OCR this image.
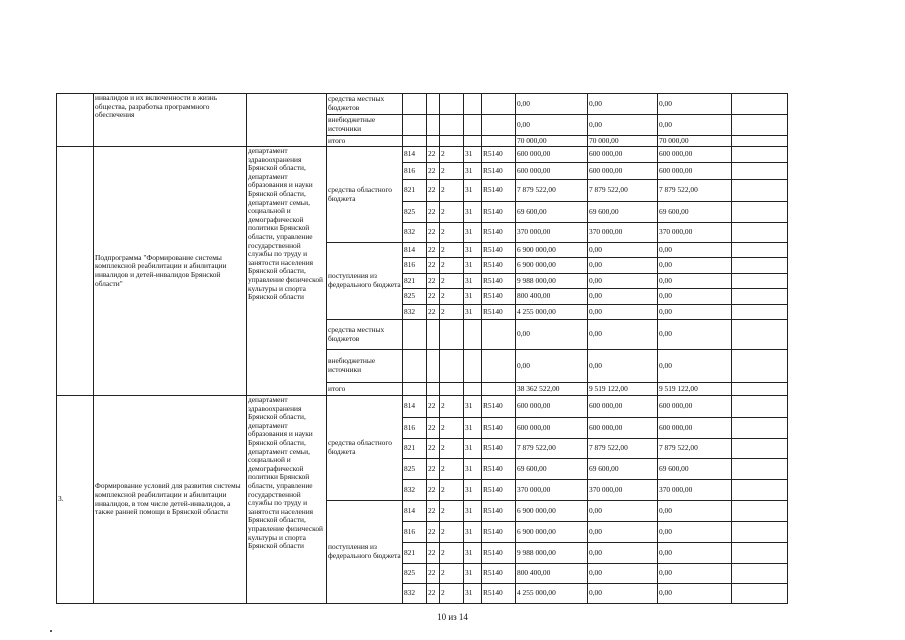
	инвалидов и их включенности в жизнь общества, разработка программного обеспечения		средства местных бюджетов						0,00	0,00	0,00	
			внебюджетные источники						0,00	0,00	0,00	
			итого						70 000,00	70 000,00	70 000,00	
	Подпрограмма "Формирование системы комплексной реабилитации и абилитации инвалидов и детей-инвалидов Брянской области"	департамент здравоохранения Брянской области, департамент образования и науки Брянской области, департамент семьи, социальной и демографической политики Брянской области, управление государственной службы по труду и занятости населения Брянской области, управление физической культуры и спорта Брянской области	средства областного бюджета	814	22	2	31	R5140	600 000,00	600 000,00	600 000,00	
				816	22	2	31	R5140	600 000,00	600 000,00	600 000,00	
				821	22	2	31	R5140	7 879 522,00	7 879 522,00	7 879 522,00	
				825	22	2	31	R5140	69 600,00	69 600,00	69 600,00	
				832	22	2	31	R5140	370 000,00	370 000,00	370 000,00	
			поступления из федерального бюджета	814	22	2	31	R5140	6 900 000,00	0,00	0,00	
				816	22	2	31	R5140	6 900 000,00	0,00	0,00	
				821	22	2	31	R5140	9 988 000,00	0,00	0,00	
				825	22	2	31	R5140	800 400,00	0,00	0,00	
				832	22	2	31	R5140	4 255 000,00	0,00	0,00	
			средства местных бюджетов						0,00	0,00	0,00	
			внебюджетные источники						0,00	0,00	0,00	
			итого						38 362 522,00	9 519 122,00	9 519 122,00	
3.	Формирование условий для развития системы комплексной реабилитации и абилитации инвалидов, в том числе детей-инвалидов, а также ранней помощи в Брянской области	департамент здравоохранения Брянской области, департамент образования и науки Брянской области, департамент семьи, социальной и демографической политики Брянской области, управление государственной службы по труду и занятости населения Брянской области, управление физической культуры и спорта Брянской области	средства областного бюджета	814	22	2	31	R5140	600 000,00	600 000,00	600 000,00	
				816	22	2	31	R5140	600 000,00	600 000,00	600 000,00	
				821	22	2	31	R5140	7 879 522,00	7 879 522,00	7 879 522,00	
				825	22	2	31	R5140	69 600,00	69 600,00	69 600,00	
				832	22	2	31	R5140	370 000,00	370 000,00	370 000,00	
			поступления из федерального бюджета	814	22	2	31	R5140	6 900 000,00	0,00	0,00	
				816	22	2	31	R5140	6 900 000,00	0,00	0,00	
				821	22	2	31	R5140	9 988 000,00	0,00	0,00	
				825	22	2	31	R5140	800 400,00	0,00	0,00	
				832	22	2	31	R5140	4 255 000,00	0,00	0,00	
10 из 14
